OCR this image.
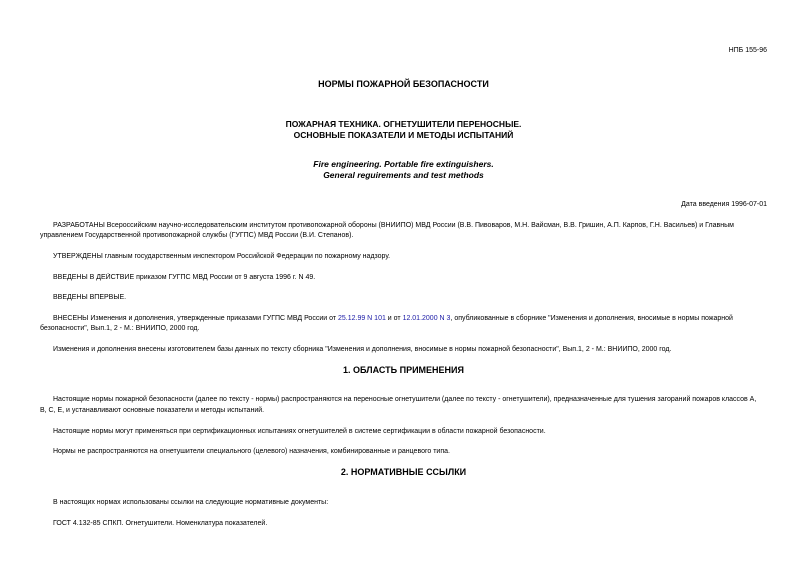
НПБ 155-96
НОРМЫ ПОЖАРНОЙ БЕЗОПАСНОСТИ
ПОЖАРНАЯ ТЕХНИКА. ОГНЕТУШИТЕЛИ ПЕРЕНОСНЫЕ.
ОСНОВНЫЕ ПОКАЗАТЕЛИ И МЕТОДЫ ИСПЫТАНИЙ
Fire engineering. Portable fire extinguishers.
General reguirements and test methods
Дата введения 1996-07-01
РАЗРАБОТАНЫ Всероссийским научно-исследовательским институтом противопожарной обороны (ВНИИПО) МВД России (В.В. Пивоваров, М.Н. Вайсман, В.В. Гришин, А.П. Карпов, Г.Н. Васильев) и Главным
управлением Государственной противопожарной службы (ГУГПС) МВД России (В.И. Степанов).
УТВЕРЖДЕНЫ главным государственным инспектором Российской Федерации по пожарному надзору.
ВВЕДЕНЫ В ДЕЙСТВИЕ приказом ГУГПС МВД России от 9 августа 1996 г. N 49.
ВВЕДЕНЫ ВПЕРВЫЕ.
ВНЕСЕНЫ Изменения и дополнения, утвержденные приказами ГУГПС МВД России от 25.12.99 N 101 и от 12.01.2000 N 3, опубликованные в сборнике "Изменения и дополнения, вносимые в нормы пожарной
безопасности", Вып.1, 2 - М.: ВНИИПО, 2000 год.
Изменения и дополнения внесены изготовителем базы данных по тексту сборника "Изменения и дополнения, вносимые в нормы пожарной безопасности", Вып.1, 2 - М.: ВНИИПО, 2000 год.
1. ОБЛАСТЬ ПРИМЕНЕНИЯ
Настоящие нормы пожарной безопасности (далее по тексту - нормы) распространяются на переносные огнетушители (далее по тексту - огнетушители), предназначенные для тушения загораний пожаров классов А,
В, С, Е, и устанавливают основные показатели и методы испытаний.
Настоящие нормы могут применяться при сертификационных испытаниях огнетушителей в системе сертификации в области пожарной безопасности.
Нормы не распространяются на огнетушители специального (целевого) назначения, комбинированные и ранцевого типа.
2. НОРМАТИВНЫЕ ССЫЛКИ
В настоящих нормах использованы ссылки на следующие нормативные документы:
ГОСТ 4.132-85 СПКП. Огнетушители. Номенклатура показателей.
